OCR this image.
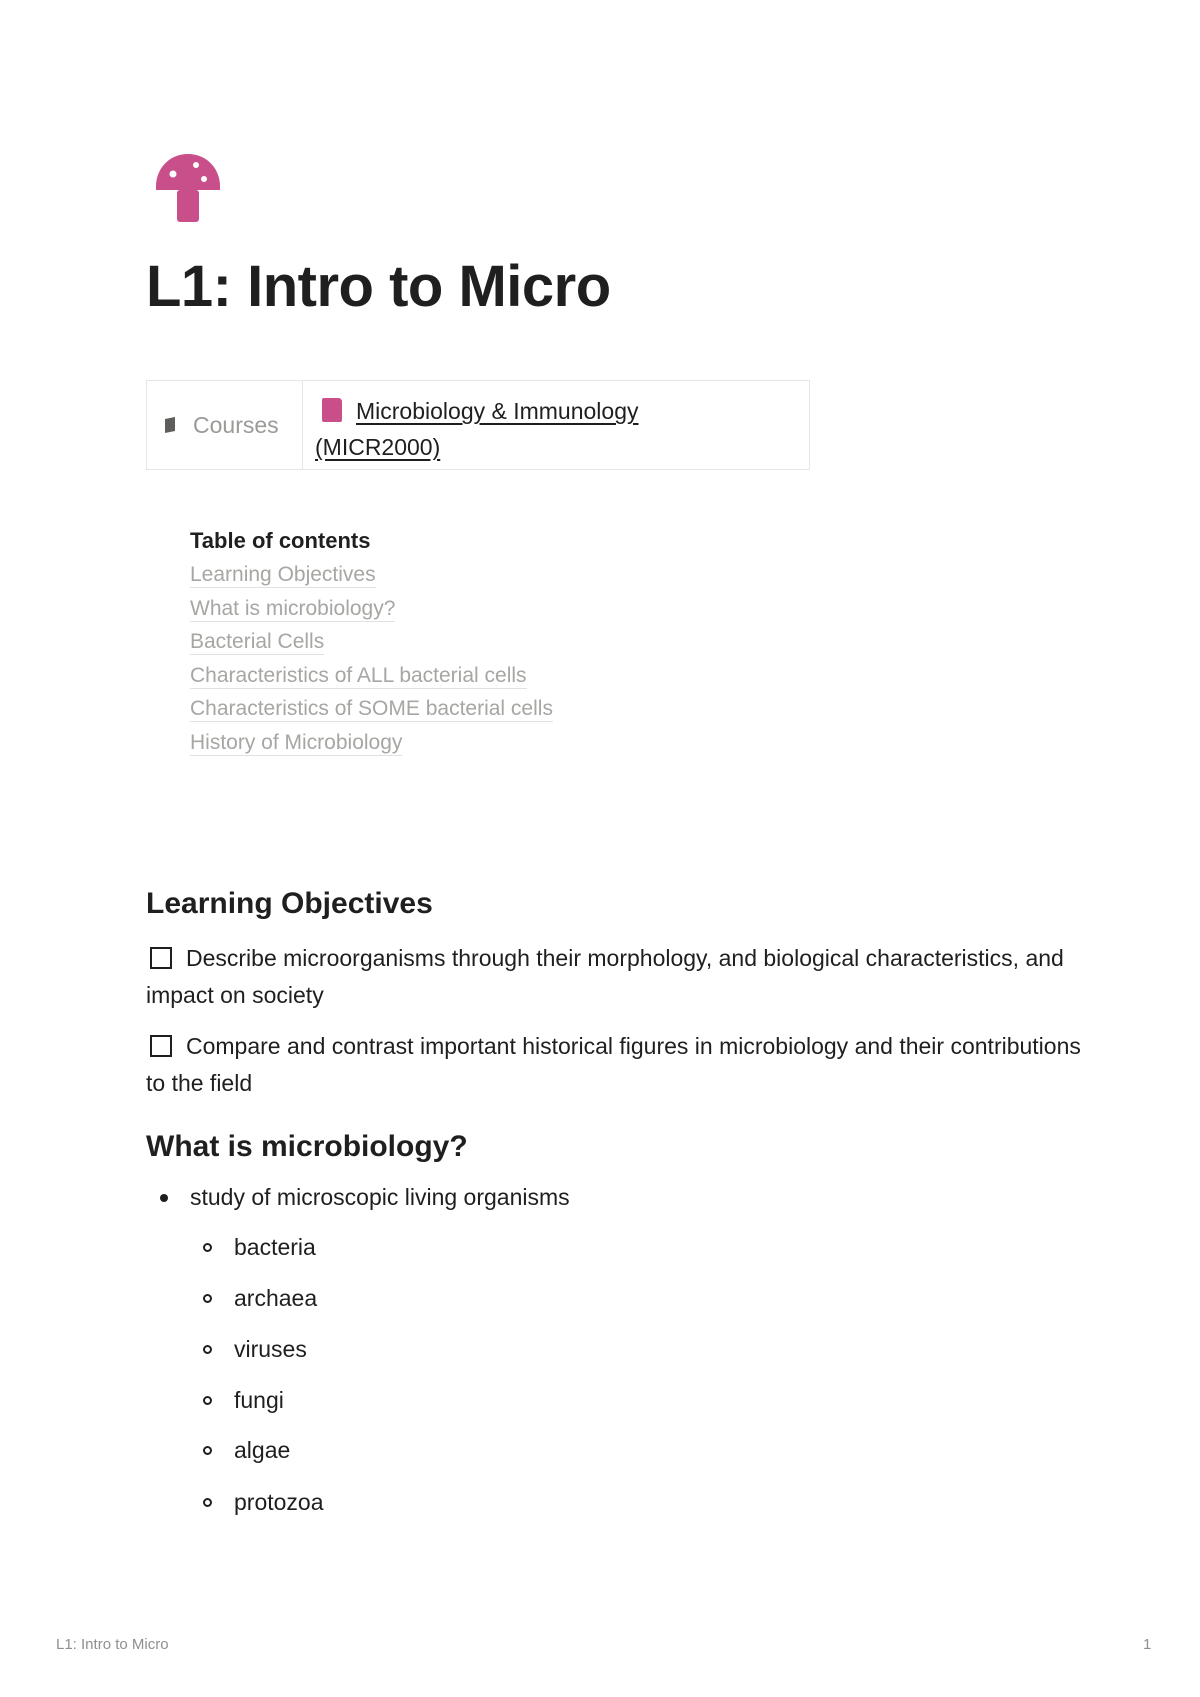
L1: Intro to Micro
Courses
Microbiology & Immunology
(MICR2000)
Table of contents
Learning Objectives
What is microbiology?
Bacterial Cells
Characteristics of ALL bacterial cells
Characteristics of SOME bacterial cells
History of Microbiology
Learning Objectives
Describe microorganisms through their morphology, and biological characteristics, and impact on society
Compare and contrast important historical figures in microbiology and their contributions to the field
What is microbiology?
study of microscopic living organisms
bacteria
archaea
viruses
fungi
algae
protozoa
L1: Intro to Micro	1
